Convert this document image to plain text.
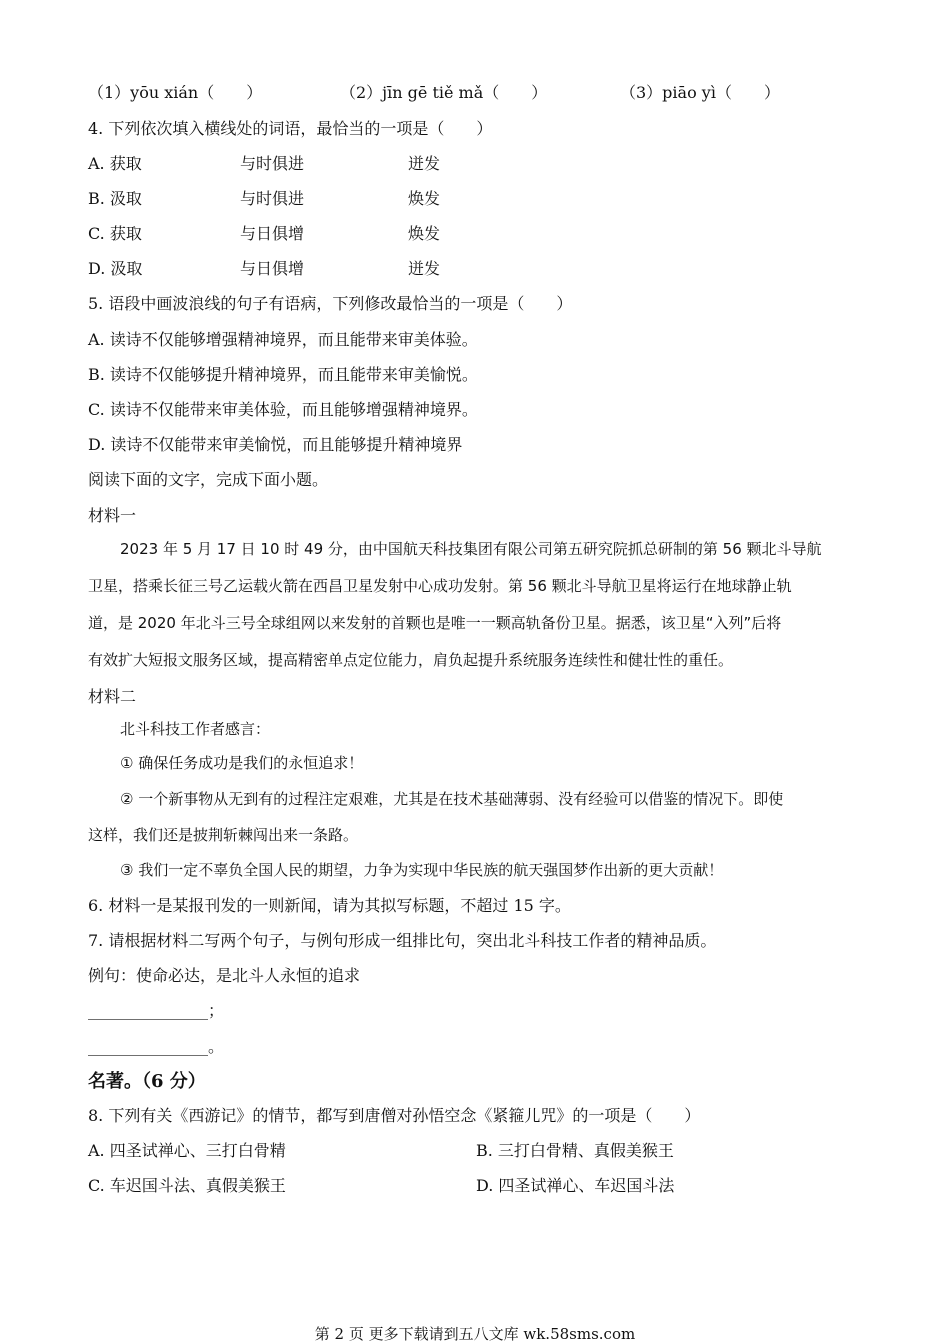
（1）yōu xián（　　）	（2）jīn gē tiě mǎ（　　）	（3）piāo yì（　　）
4. 下列依次填入横线处的词语，最恰当的一项是（　　）
A. 获取	与时俱进	迸发
B. 汲取	与时俱进	焕发
C. 获取	与日俱增	焕发
D. 汲取	与日俱增	迸发
5. 语段中画波浪线的句子有语病，下列修改最恰当的一项是（　　）
A. 读诗不仅能够增强精神境界，而且能带来审美体验。
B. 读诗不仅能够提升精神境界，而且能带来审美愉悦。
C. 读诗不仅能带来审美体验，而且能够增强精神境界。
D. 读诗不仅能带来审美愉悦，而且能够提升精神境界
阅读下面的文字，完成下面小题。
材料一
2023 年 5 月 17 日 10 时 49 分，由中国航天科技集团有限公司第五研究院抓总研制的第 56 颗北斗导航
卫星，搭乘长征三号乙运载火箭在西昌卫星发射中心成功发射。第 56 颗北斗导航卫星将运行在地球静止轨
道，是 2020 年北斗三号全球组网以来发射的首颗也是唯一一颗高轨备份卫星。据悉，该卫星“入列”后将
有效扩大短报文服务区域，提高精密单点定位能力，肩负起提升系统服务连续性和健壮性的重任。
材料二
北斗科技工作者感言：
① 确保任务成功是我们的永恒追求！
② 一个新事物从无到有的过程注定艰难，尤其是在技术基础薄弱、没有经验可以借鉴的情况下。即使
这样，我们还是披荆斩棘闯出来一条路。
③ 我们一定不辜负全国人民的期望，力争为实现中华民族的航天强国梦作出新的更大贡献！
6. 材料一是某报刊发的一则新闻，请为其拟写标题，不超过 15 字。
7. 请根据材料二写两个句子，与例句形成一组排比句，突出北斗科技工作者的精神品质。
例句：使命必达，是北斗人永恒的追求
_______________；
_______________。
名著。（6 分）
8. 下列有关《西游记》的情节，都写到唐僧对孙悟空念《紧箍儿咒》的一项是（　　）
A. 四圣试禅心、三打白骨精	B. 三打白骨精、真假美猴王
C. 车迟国斗法、真假美猴王	D. 四圣试禅心、车迟国斗法
第 2 页 更多下载请到五八文库 wk.58sms.com
